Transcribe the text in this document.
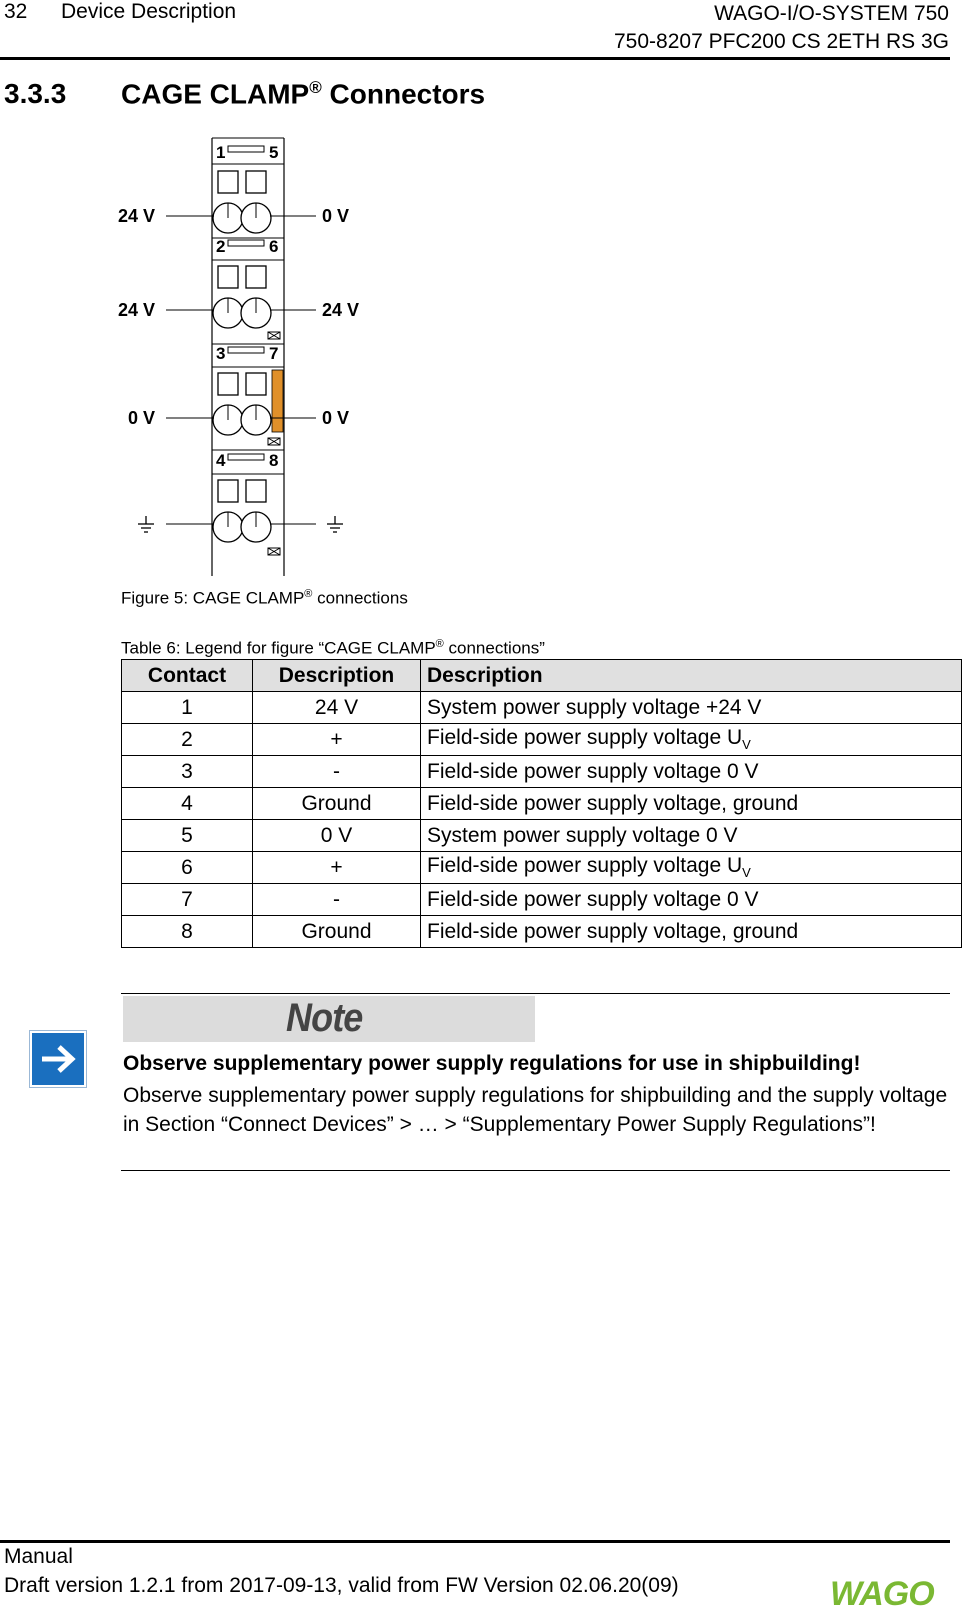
32 Device Description	WAGO-I/O-SYSTEM 750
750-8207 PFC200 CS 2ETH RS 3G
3.3.3 CAGE CLAMP® Connectors
1	5
24 V	0 V
2	6
24 V	24 V
3	7
0 V	0 V
4	8
Figure 5: CAGE CLAMP® connections
Table 6: Legend for figure “CAGE CLAMP® connections”
Contact	Description	Description
1	24 V	System power supply voltage +24 V
2	+	Field-side power supply voltage $U_V$
3	-	Field-side power supply voltage 0 V
4	Ground	Field-side power supply voltage, ground
5	0 V	System power supply voltage 0 V
6	+	Field-side power supply voltage $U_V$
7	-	Field-side power supply voltage 0 V
8	Ground	Field-side power supply voltage, ground
Note
Observe supplementary power supply regulations for use in shipbuilding!
Observe supplementary power supply regulations for shipbuilding and the supply voltage in Section “Connect Devices” > … > “Supplementary Power Supply Regulations”!
Manual
Draft version 1.2.1 from 2017-09-13, valid from FW Version 02.06.20(09)	WAGO
